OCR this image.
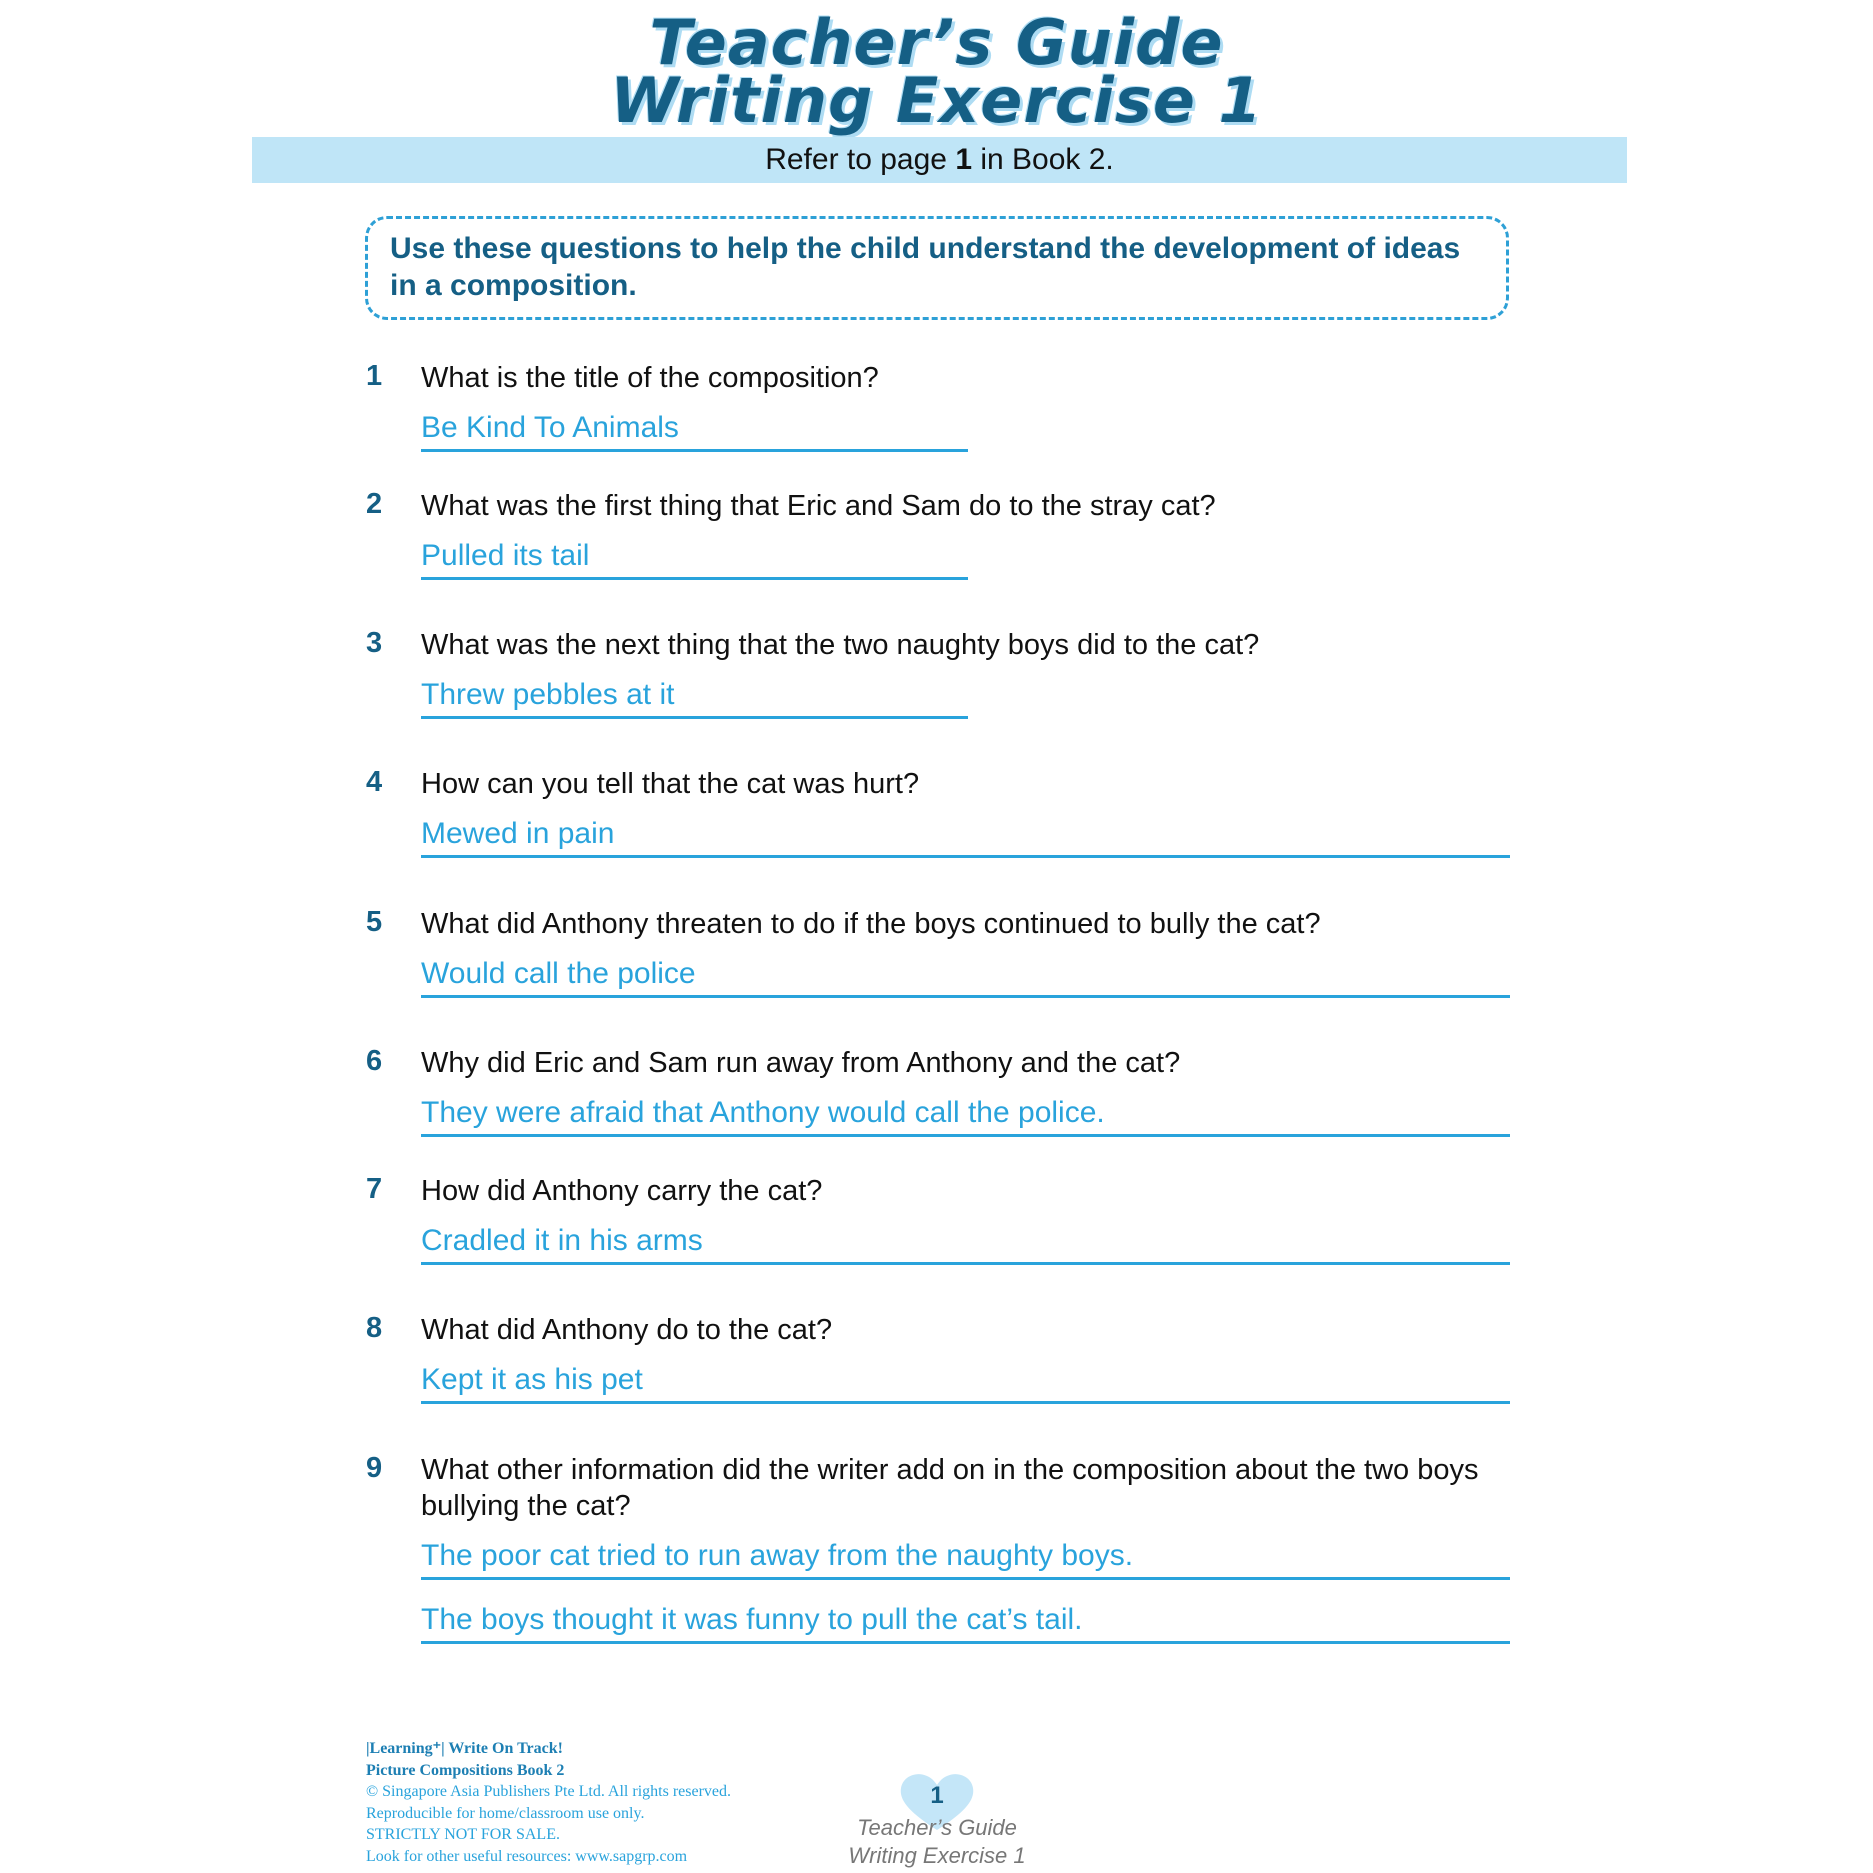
Teacher’s Guide
Writing Exercise 1
Refer to page 1 in Book 2.
Use these questions to help the child understand the development of ideas in a composition.
1 What is the title of the composition?
Be Kind To Animals
2 What was the first thing that Eric and Sam do to the stray cat?
Pulled its tail
3 What was the next thing that the two naughty boys did to the cat?
Threw pebbles at it
4 How can you tell that the cat was hurt?
Mewed in pain
5 What did Anthony threaten to do if the boys continued to bully the cat?
Would call the police
6 Why did Eric and Sam run away from Anthony and the cat?
They were afraid that Anthony would call the police.
7 How did Anthony carry the cat?
Cradled it in his arms
8 What did Anthony do to the cat?
Kept it as his pet
9 What other information did the writer add on in the composition about the two boys bullying the cat?
The poor cat tried to run away from the naughty boys.
The boys thought it was funny to pull the cat’s tail.
|Learning⁺| Write On Track!
Picture Compositions Book 2
© Singapore Asia Publishers Pte Ltd. All rights reserved.
Reproducible for home/classroom use only.
STRICTLY NOT FOR SALE.
Look for other useful resources: www.sapgrp.com
1
Teacher’s Guide
Writing Exercise 1
